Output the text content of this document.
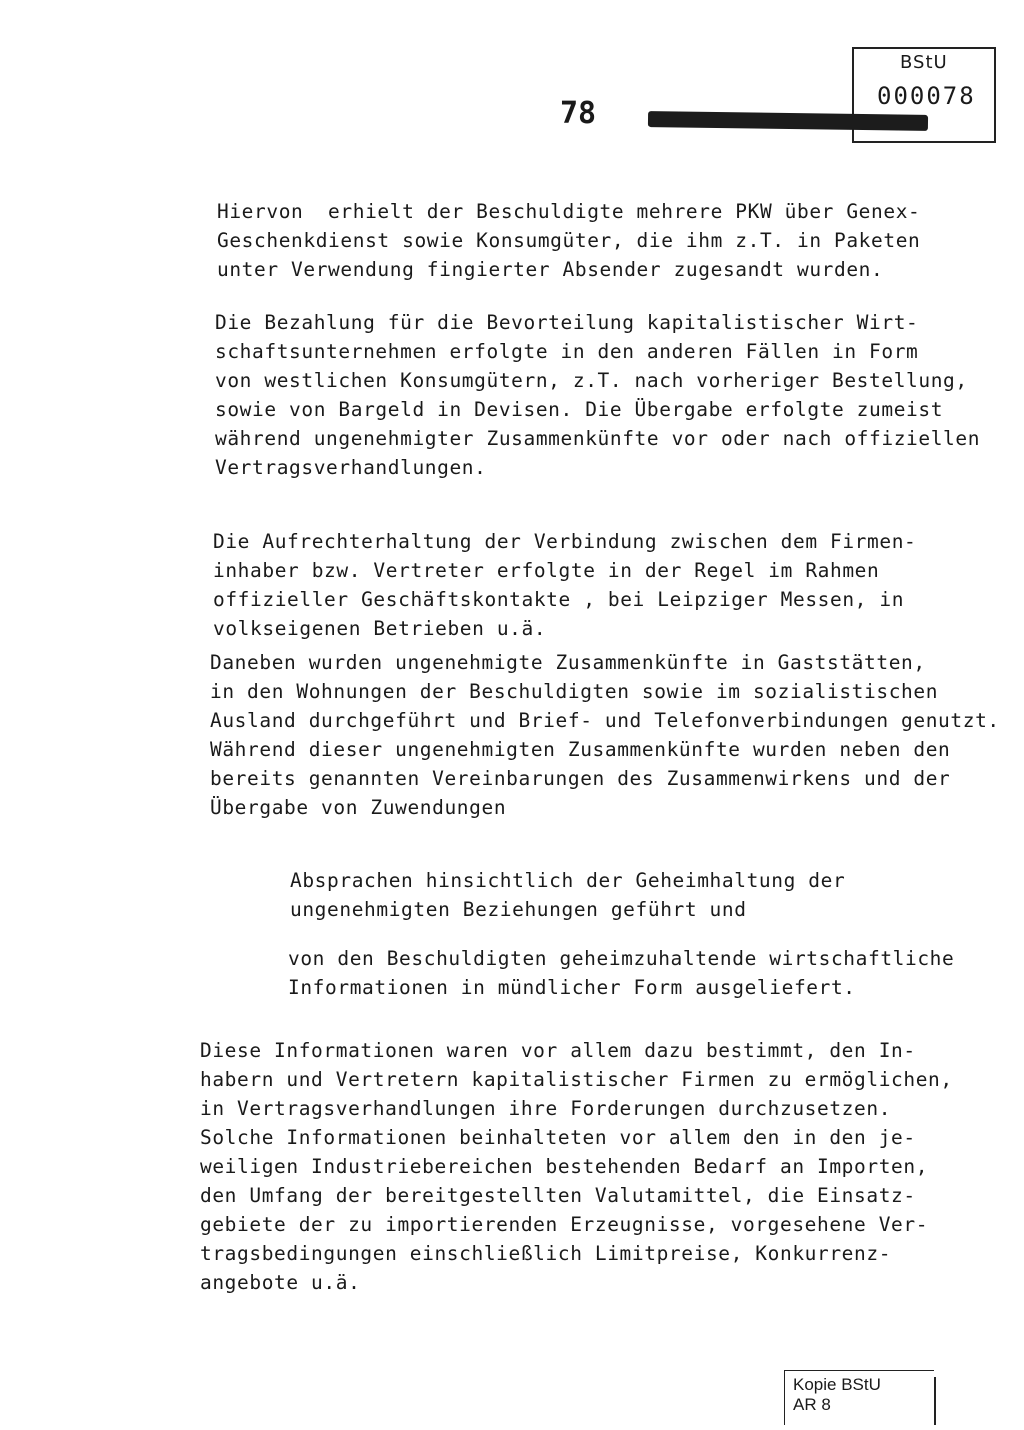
BStU
000078
78

Hiervon  erhielt der Beschuldigte mehrere PKW über Genex-
Geschenkdienst sowie Konsumgüter, die ihm z.T. in Paketen
unter Verwendung fingierter Absender zugesandt wurden.

Die Bezahlung für die Bevorteilung kapitalistischer Wirt-
schaftsunternehmen erfolgte in den anderen Fällen in Form
von westlichen Konsumgütern, z.T. nach vorheriger Bestellung,
sowie von Bargeld in Devisen. Die Übergabe erfolgte zumeist
während ungenehmigter Zusammenkünfte vor oder nach offiziellen
Vertragsverhandlungen.

Die Aufrechterhaltung der Verbindung zwischen dem Firmen-
inhaber bzw. Vertreter erfolgte in der Regel im Rahmen
offizieller Geschäftskontakte , bei Leipziger Messen, in
volkseigenen Betrieben u.ä.

Daneben wurden ungenehmigte Zusammenkünfte in Gaststätten,
in den Wohnungen der Beschuldigten sowie im sozialistischen
Ausland durchgeführt und Brief- und Telefonverbindungen genutzt.
Während dieser ungenehmigten Zusammenkünfte wurden neben den
bereits genannten Vereinbarungen des Zusammenwirkens und der
Übergabe von Zuwendungen

Absprachen hinsichtlich der Geheimhaltung der
ungenehmigten Beziehungen geführt und

von den Beschuldigten geheimzuhaltende wirtschaftliche
Informationen in mündlicher Form ausgeliefert.

Diese Informationen waren vor allem dazu bestimmt, den In-
habern und Vertretern kapitalistischer Firmen zu ermöglichen,
in Vertragsverhandlungen ihre Forderungen durchzusetzen.
Solche Informationen beinhalteten vor allem den in den je-
weiligen Industriebereichen bestehenden Bedarf an Importen,
den Umfang der bereitgestellten Valutamittel, die Einsatz-
gebiete der zu importierenden Erzeugnisse, vorgesehene Ver-
tragsbedingungen einschließlich Limitpreise, Konkurrenz-
angebote u.ä.

Kopie BStU
AR 8
